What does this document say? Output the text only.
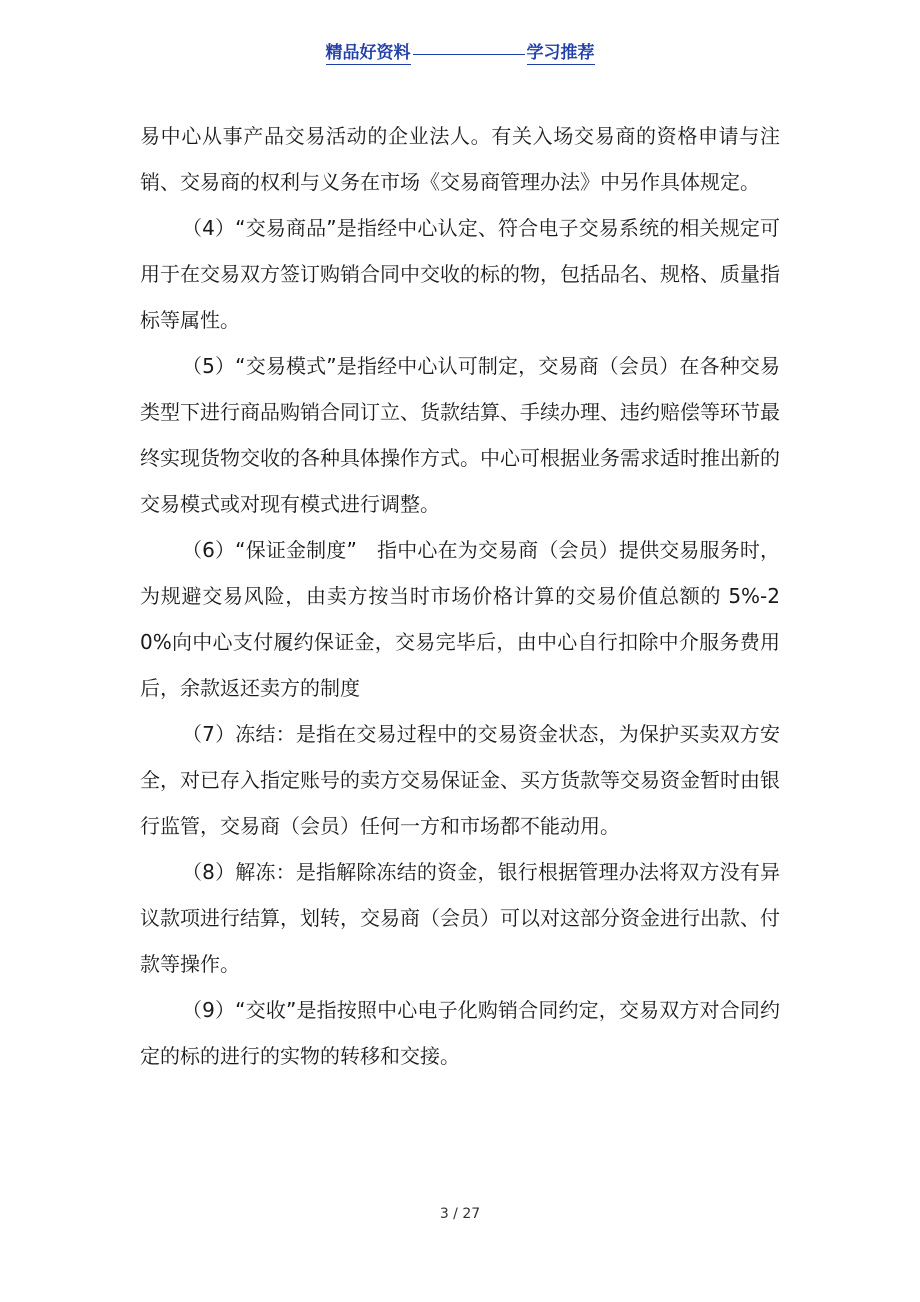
精品好资料	学习推荐

易中心从事产品交易活动的企业法人。有关入场交易商的资格申请与注销、交易商的权利与义务在市场《交易商管理办法》中另作具体规定。

（4）“交易商品”是指经中心认定、符合电子交易系统的相关规定可用于在交易双方签订购销合同中交收的标的物，包括品名、规格、质量指标等属性。

（5）“交易模式”是指经中心认可制定，交易商（会员）在各种交易类型下进行商品购销合同订立、货款结算、手续办理、违约赔偿等环节最终实现货物交收的各种具体操作方式。中心可根据业务需求适时推出新的交易模式或对现有模式进行调整。

（6）“保证金制度”　指中心在为交易商（会员）提供交易服务时，为规避交易风险，由卖方按当时市场价格计算的交易价值总额的 5%-20%向中心支付履约保证金，交易完毕后，由中心自行扣除中介服务费用后，余款返还卖方的制度

（7）冻结：是指在交易过程中的交易资金状态，为保护买卖双方安全，对已存入指定账号的卖方交易保证金、买方货款等交易资金暂时由银行监管，交易商（会员）任何一方和市场都不能动用。

（8）解冻：是指解除冻结的资金，银行根据管理办法将双方没有异议款项进行结算，划转，交易商（会员）可以对这部分资金进行出款、付款等操作。

（9）“交收”是指按照中心电子化购销合同约定，交易双方对合同约定的标的进行的实物的转移和交接。

3 / 27
